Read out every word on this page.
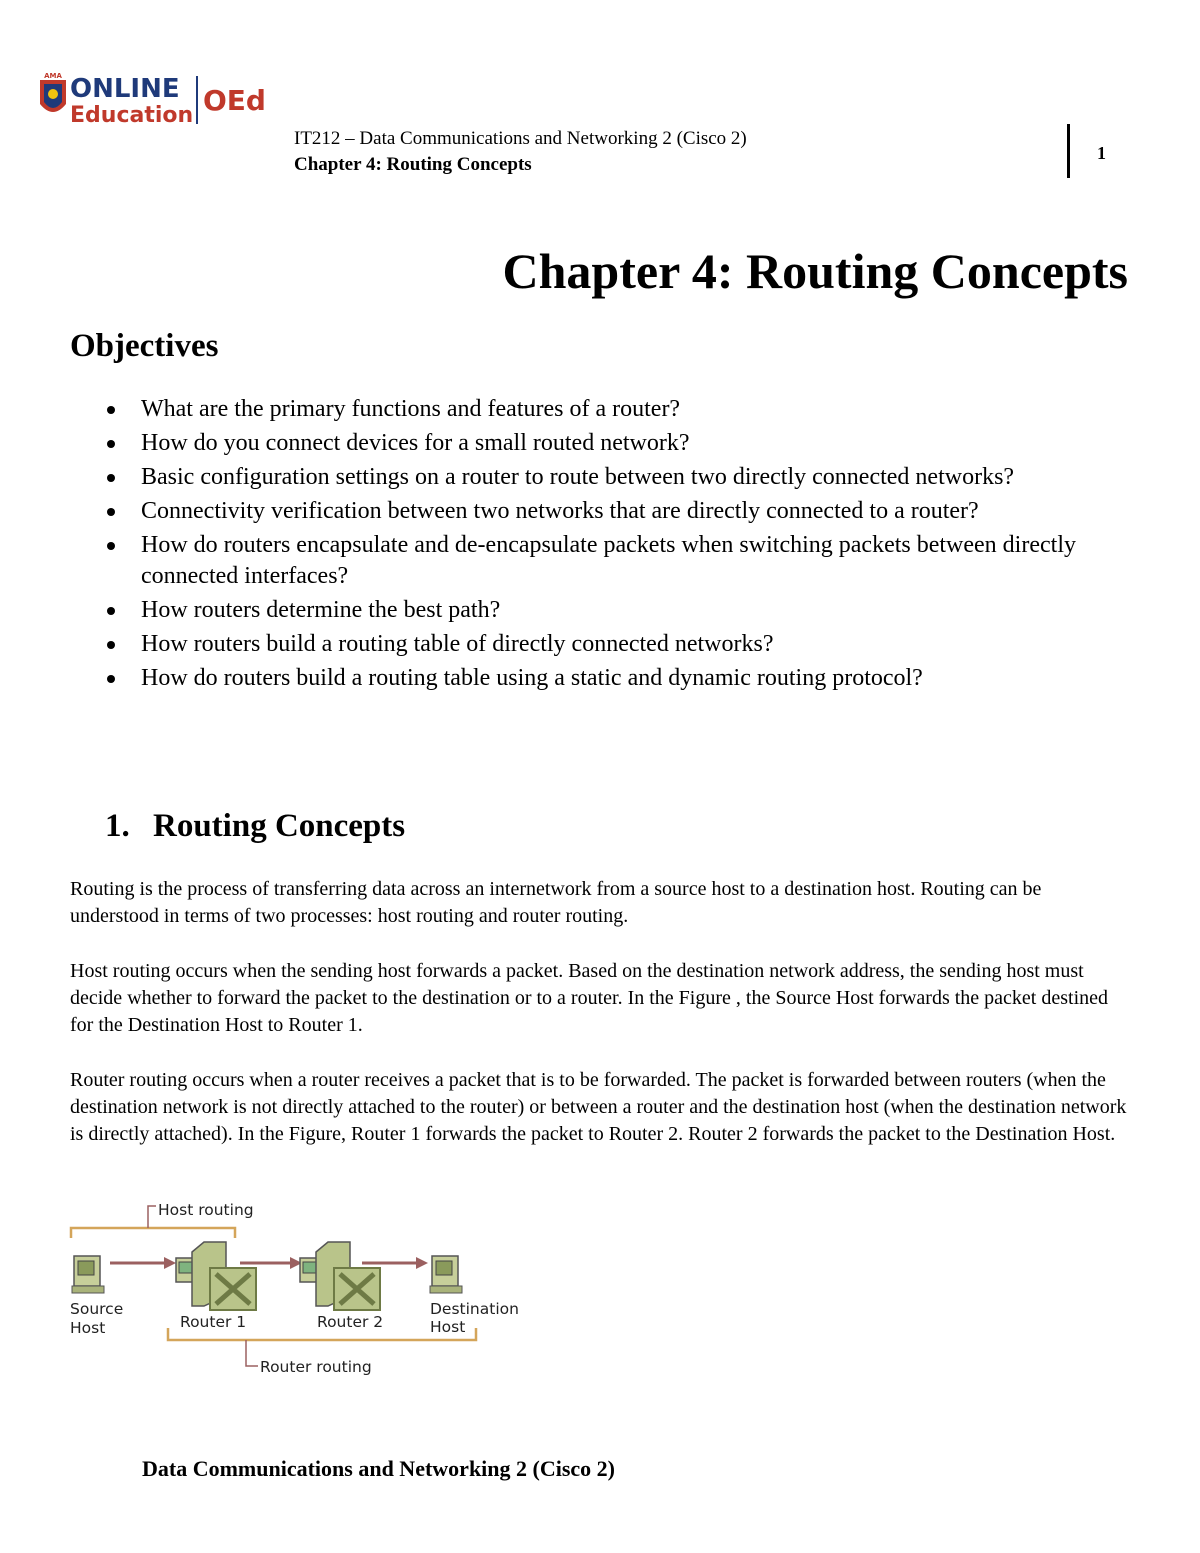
AMA ONLINE
Education OEd
IT212 – Data Communications and Networking 2 (Cisco 2)
Chapter 4: Routing Concepts
1
Chapter 4: Routing Concepts
Objectives
What are the primary functions and features of a router?
How do you connect devices for a small routed network?
Basic configuration settings on a router to route between two directly connected networks?
Connectivity verification between two networks that are directly connected to a router?
How do routers encapsulate and de-encapsulate packets when switching packets between directly connected interfaces?
How routers determine the best path?
How routers build a routing table of directly connected networks?
How do routers build a routing table using a static and dynamic routing protocol?
1. Routing Concepts
Routing is the process of transferring data across an internetwork from a source host to a destination host. Routing can be understood in terms of two processes: host routing and router routing.
Host routing occurs when the sending host forwards a packet. Based on the destination network address, the sending host must decide whether to forward the packet to the destination or to a router. In the Figure , the Source Host forwards the packet destined for the Destination Host to Router 1.
Router routing occurs when a router receives a packet that is to be forwarded. The packet is forwarded between routers (when the destination network is not directly attached to the router) or between a router and the destination host (when the destination network is directly attached). In the Figure, Router 1 forwards the packet to Router 2. Router 2 forwards the packet to the Destination Host.
Host routing
Source
Host	Router 1	Router 2
Destination
Host
Router routing
Data Communications and Networking 2 (Cisco 2)
